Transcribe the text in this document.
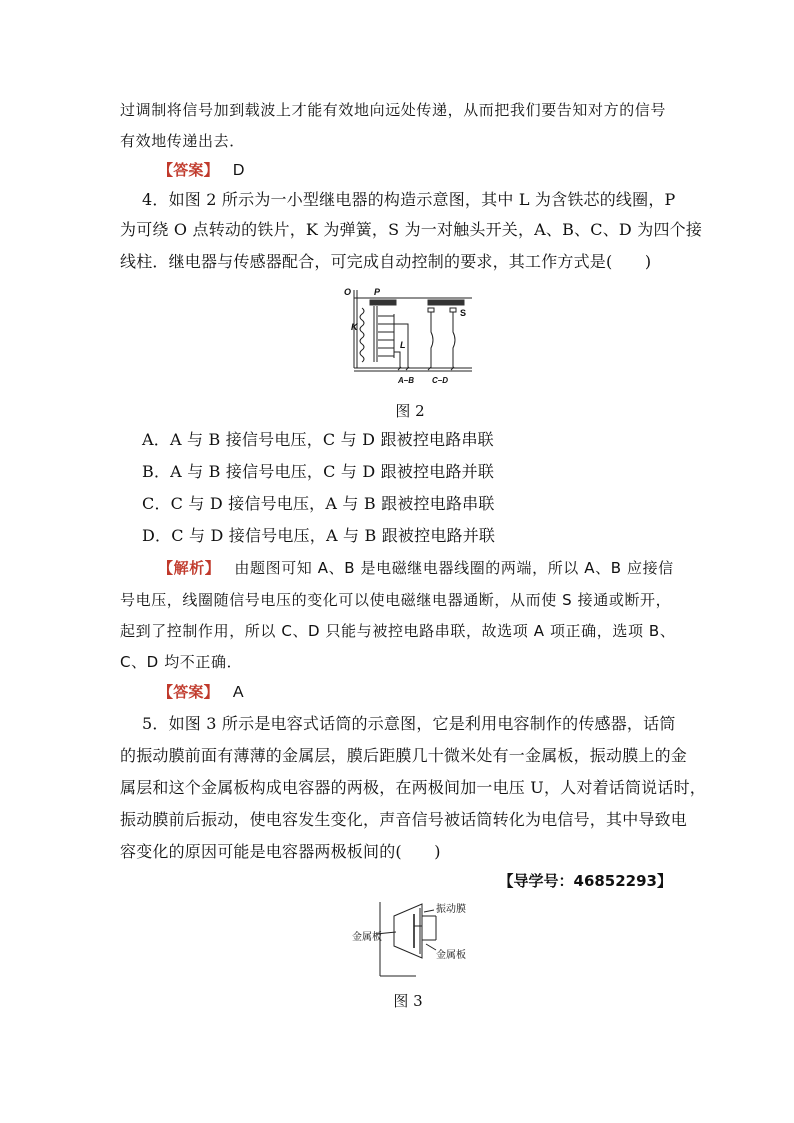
过调制将信号加到载波上才能有效地向远处传递，从而把我们要告知对方的信号
有效地传递出去．
【答案】 D
4．如图 2 所示为一小型继电器的构造示意图，其中 L 为含铁芯的线圈，P
为可绕 O 点转动的铁片，K 为弹簧，S 为一对触头开关，A、B、C、D 为四个接
线柱．继电器与传感器配合，可完成自动控制的要求，其工作方式是(　　)
O	P
S
K
L
A–B C–D
图 2
A．A 与 B 接信号电压，C 与 D 跟被控电路串联
B．A 与 B 接信号电压，C 与 D 跟被控电路并联
C．C 与 D 接信号电压，A 与 B 跟被控电路串联
D．C 与 D 接信号电压，A 与 B 跟被控电路并联
【解析】 由题图可知 A、B 是电磁继电器线圈的两端，所以 A、B 应接信
号电压，线圈随信号电压的变化可以使电磁继电器通断，从而使 S 接通或断开，
起到了控制作用，所以 C、D 只能与被控电路串联，故选项 A 项正确，选项 B、
C、D 均不正确．
【答案】 A
5．如图 3 所示是电容式话筒的示意图，它是利用电容制作的传感器，话筒
的振动膜前面有薄薄的金属层，膜后距膜几十微米处有一金属板，振动膜上的金
属层和这个金属板构成电容器的两极，在两极间加一电压 U，人对着话筒说话时，
振动膜前后振动，使电容发生变化，声音信号被话筒转化为电信号，其中导致电
容变化的原因可能是电容器两极板间的(　　)
【导学号：46852293】
振动膜
金属板
金属板
图 3
